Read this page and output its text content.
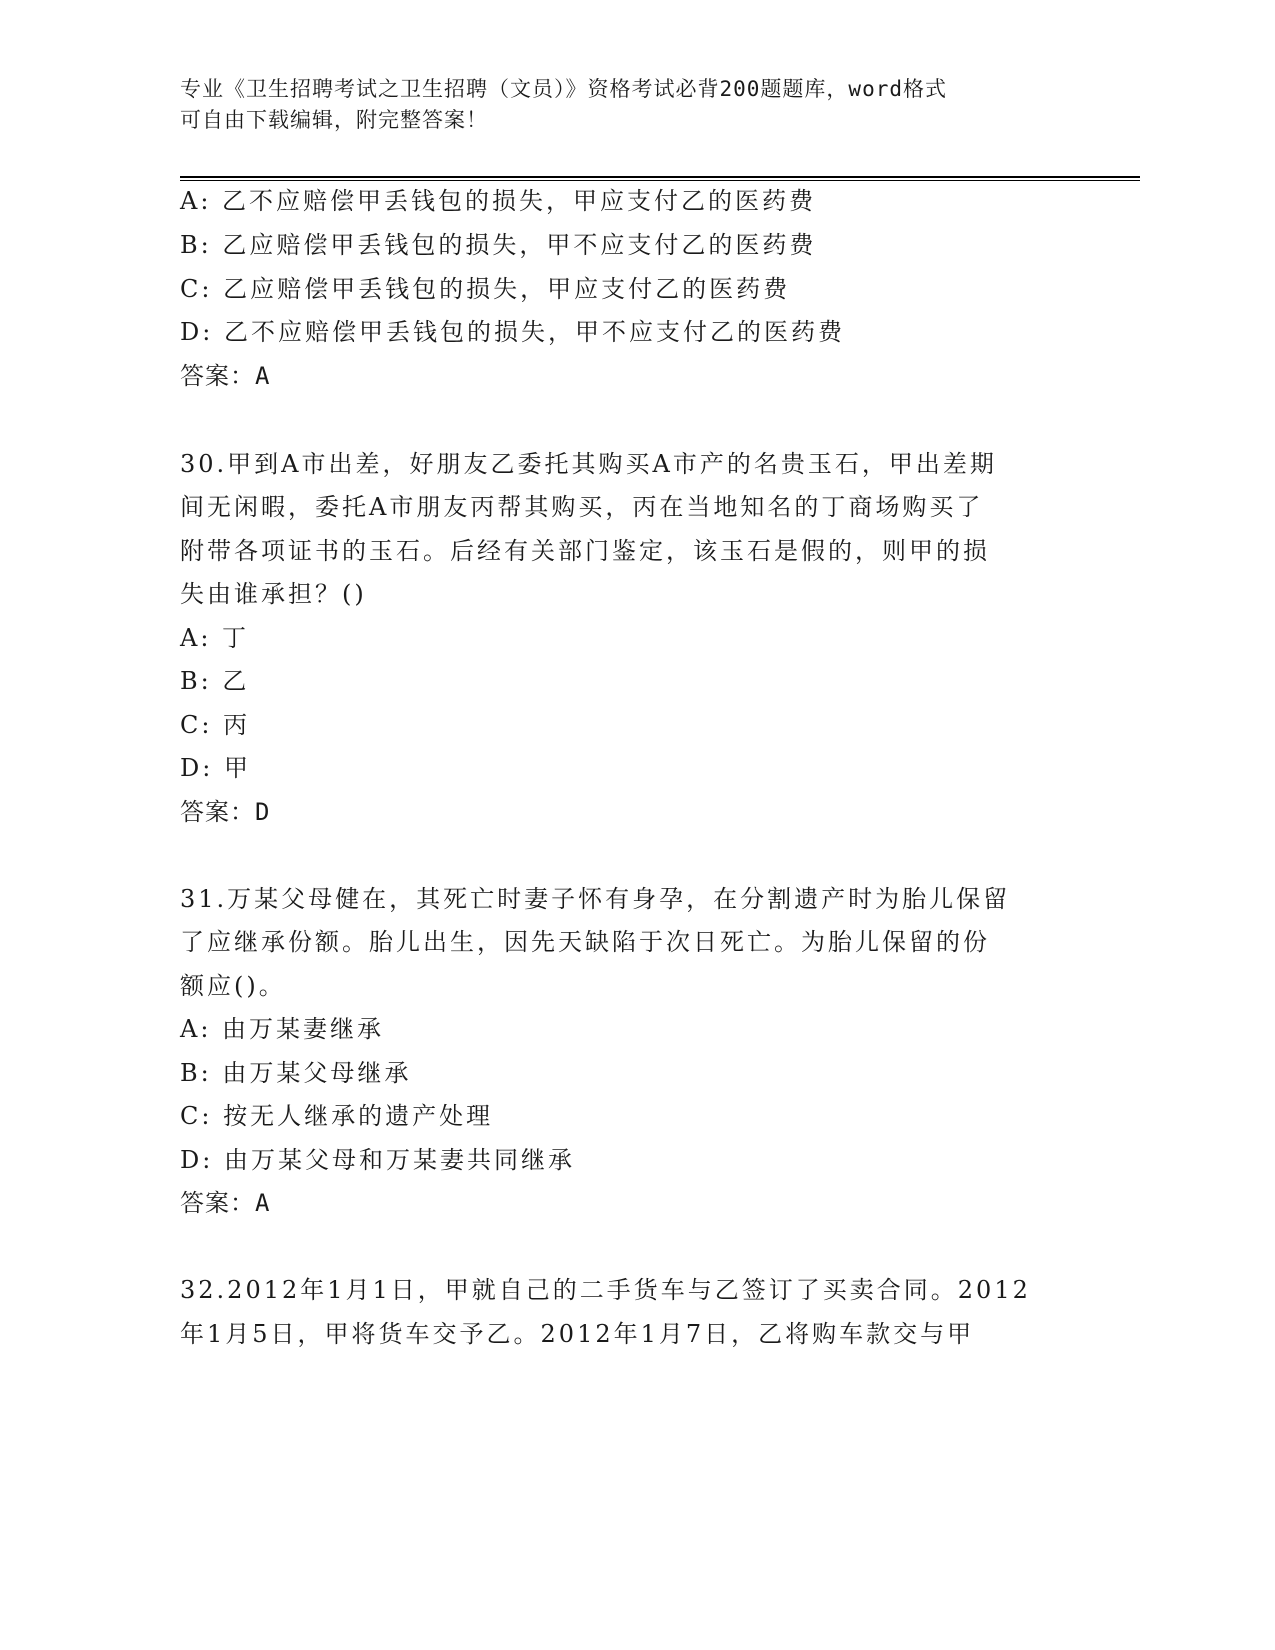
专业《卫生招聘考试之卫生招聘（文员）》资格考试必背200题题库，word格式
可自由下载编辑，附完整答案！
A: 乙不应赔偿甲丢钱包的损失，甲应支付乙的医药费
B: 乙应赔偿甲丢钱包的损失，甲不应支付乙的医药费
C: 乙应赔偿甲丢钱包的损失，甲应支付乙的医药费
D: 乙不应赔偿甲丢钱包的损失，甲不应支付乙的医药费
答案：A
30.甲到A市出差，好朋友乙委托其购买A市产的名贵玉石，甲出差期
间无闲暇，委托A市朋友丙帮其购买，丙在当地知名的丁商场购买了
附带各项证书的玉石。后经有关部门鉴定，该玉石是假的，则甲的损
失由谁承担？()
A: 丁
B: 乙
C: 丙
D: 甲
答案：D
31.万某父母健在，其死亡时妻子怀有身孕，在分割遗产时为胎儿保留
了应继承份额。胎儿出生，因先天缺陷于次日死亡。为胎儿保留的份
额应()。
A: 由万某妻继承
B: 由万某父母继承
C: 按无人继承的遗产处理
D: 由万某父母和万某妻共同继承
答案：A
32.2012年1月1日，甲就自己的二手货车与乙签订了买卖合同。2012
年1月5日，甲将货车交予乙。2012年1月7日，乙将购车款交与甲
